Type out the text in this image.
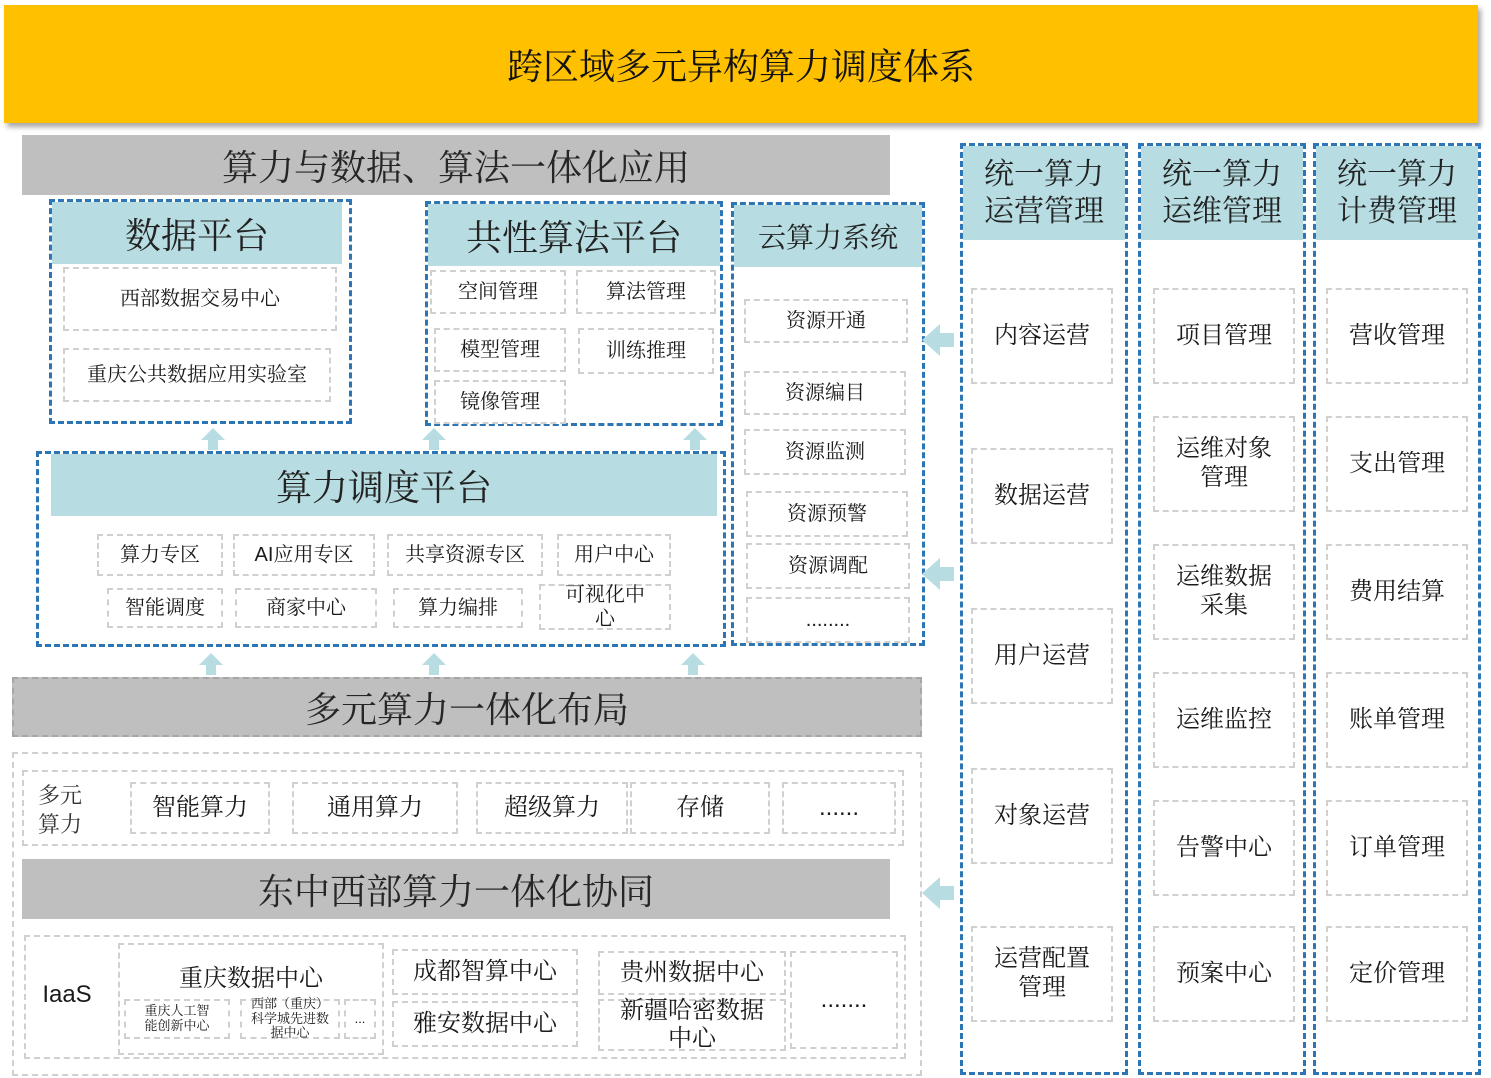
跨区域多元异构算力调度体系
算力与数据、算法一体化应用
数据平台
西部数据交易中心
重庆公共数据应用实验室
共性算法平台
空间管理	算法管理
模型管理	训练推理
镜像管理
云算力系统
资源开通
资源编目
资源监测
资源预警
资源调配
........
算力调度平台
算力专区	AI应用专区	共享资源专区	用户中心
智能调度	商家中心	算力编排
可视化中心
多元算力一体化布局
多元算力
智能算力	通用算力	超级算力	存储	......
东中西部算力一体化协同
IaaS
重庆数据中心
重庆人工智能创新中心
西部（重庆）科学城先进数据中心
...
成都智算中心
雅安数据中心
贵州数据中心
新疆哈密数据中心
.......
统一算力运营管理
内容运营
数据运营
用户运营
对象运营
运营配置管理
统一算力运维管理
项目管理
运维对象管理
运维数据采集
运维监控
告警中心
预案中心
统一算力计费管理
营收管理
支出管理
费用结算
账单管理
订单管理
定价管理
